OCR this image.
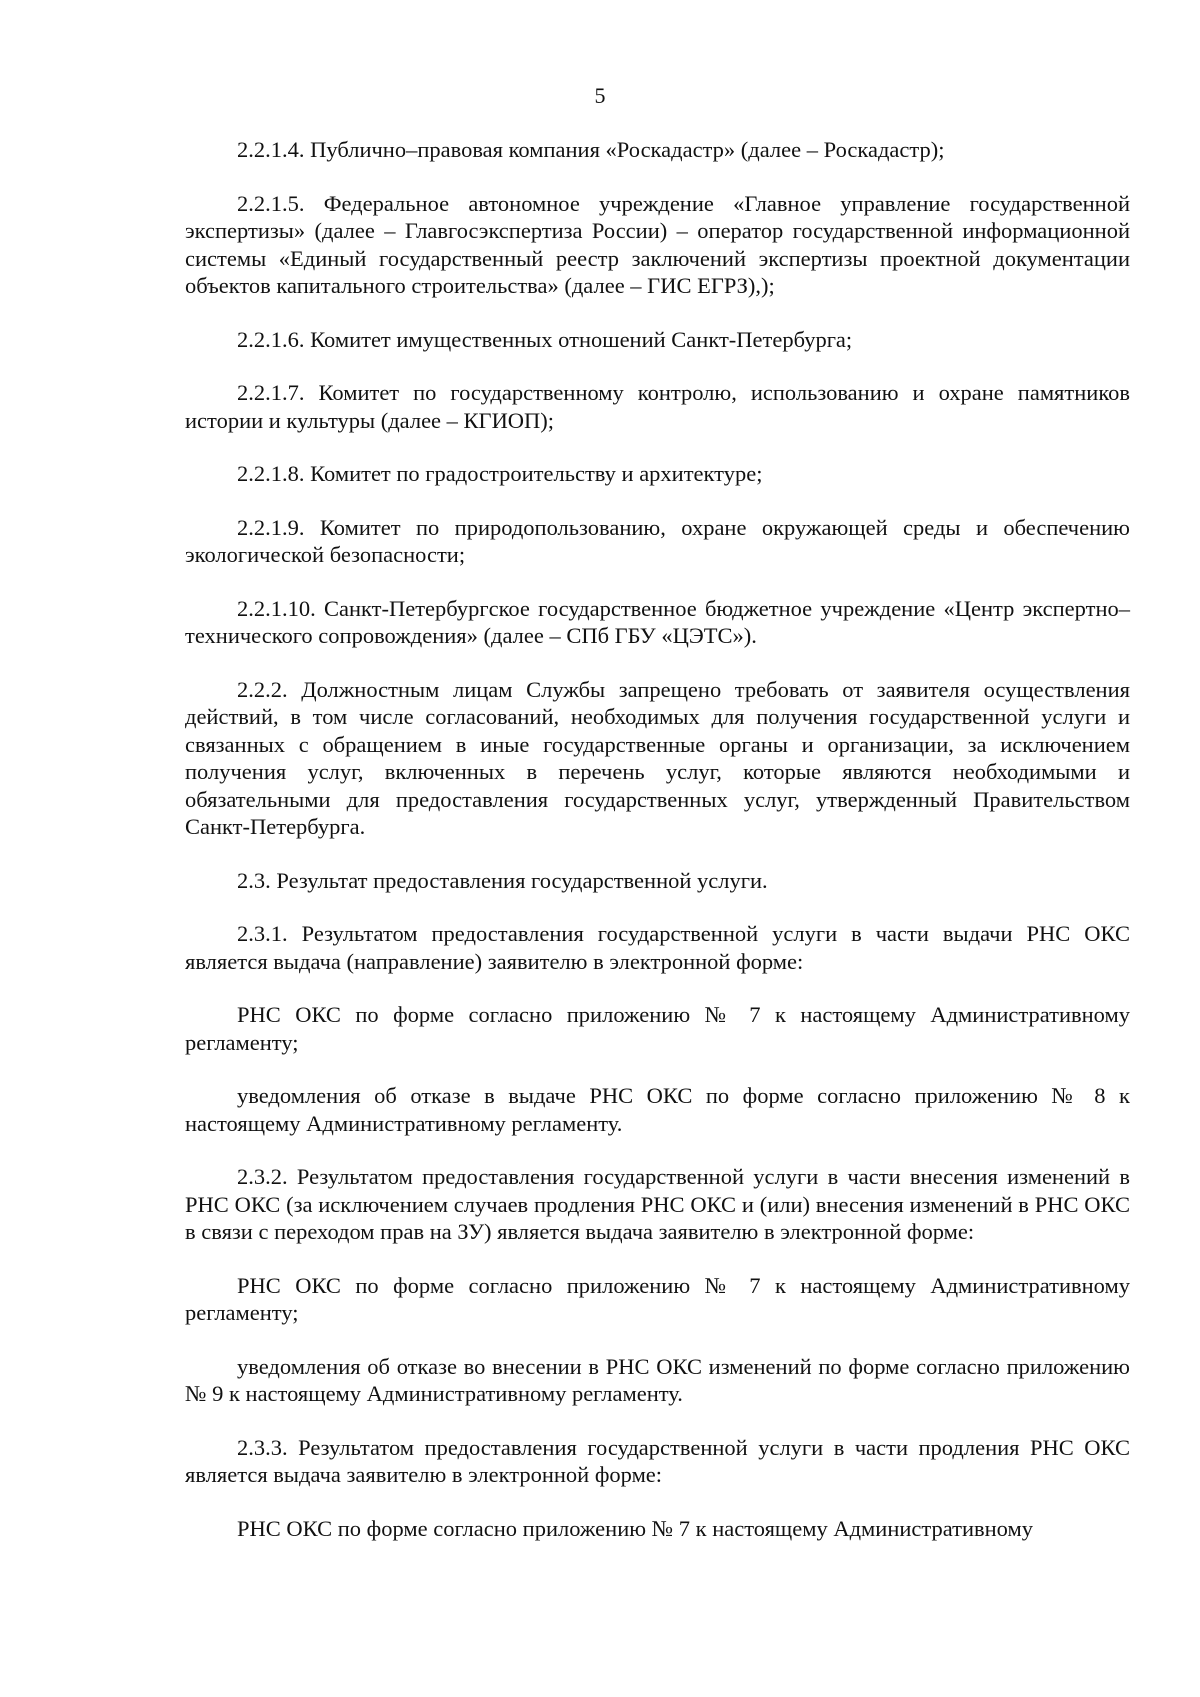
5

2.2.1.4. Публично–правовая компания «Роскадастр» (далее – Роскадастр);

2.2.1.5. Федеральное автономное учреждение «Главное управление государственной экспертизы» (далее – Главгосэкспертиза России) – оператор государственной информационной системы «Единый государственный реестр заключений экспертизы проектной документации объектов капитального строительства» (далее – ГИС ЕГРЗ),);

2.2.1.6. Комитет имущественных отношений Санкт-Петербурга;

2.2.1.7. Комитет по государственному контролю, использованию и охране памятников истории и культуры (далее – КГИОП);

2.2.1.8. Комитет по градостроительству и архитектуре;

2.2.1.9. Комитет по природопользованию, охране окружающей среды и обеспечению экологической безопасности;

2.2.1.10. Санкт-Петербургское государственное бюджетное учреждение «Центр экспертно–технического сопровождения» (далее – СПб ГБУ «ЦЭТС»).

2.2.2. Должностным лицам Службы запрещено требовать от заявителя осуществления действий, в том числе согласований, необходимых для получения государственной услуги и связанных с обращением в иные государственные органы и организации, за исключением получения услуг, включенных в перечень услуг, которые являются необходимыми и обязательными для предоставления государственных услуг, утвержденный Правительством Санкт-Петербурга.

2.3. Результат предоставления государственной услуги.

2.3.1. Результатом предоставления государственной услуги в части выдачи РНС ОКС является выдача (направление) заявителю в электронной форме:

РНС ОКС по форме согласно приложению № 7 к настоящему Административному регламенту;

уведомления об отказе в выдаче РНС ОКС по форме согласно приложению № 8 к настоящему Административному регламенту.

2.3.2. Результатом предоставления государственной услуги в части внесения изменений в РНС ОКС (за исключением случаев продления РНС ОКС и (или) внесения изменений в РНС ОКС в связи с переходом прав на ЗУ) является выдача заявителю в электронной форме:

РНС ОКС по форме согласно приложению № 7 к настоящему Административному регламенту;

уведомления об отказе во внесении в РНС ОКС изменений по форме согласно приложению № 9 к настоящему Административному регламенту.

2.3.3. Результатом предоставления государственной услуги в части продления РНС ОКС является выдача заявителю в электронной форме:

РНС ОКС по форме согласно приложению № 7 к настоящему Административному
